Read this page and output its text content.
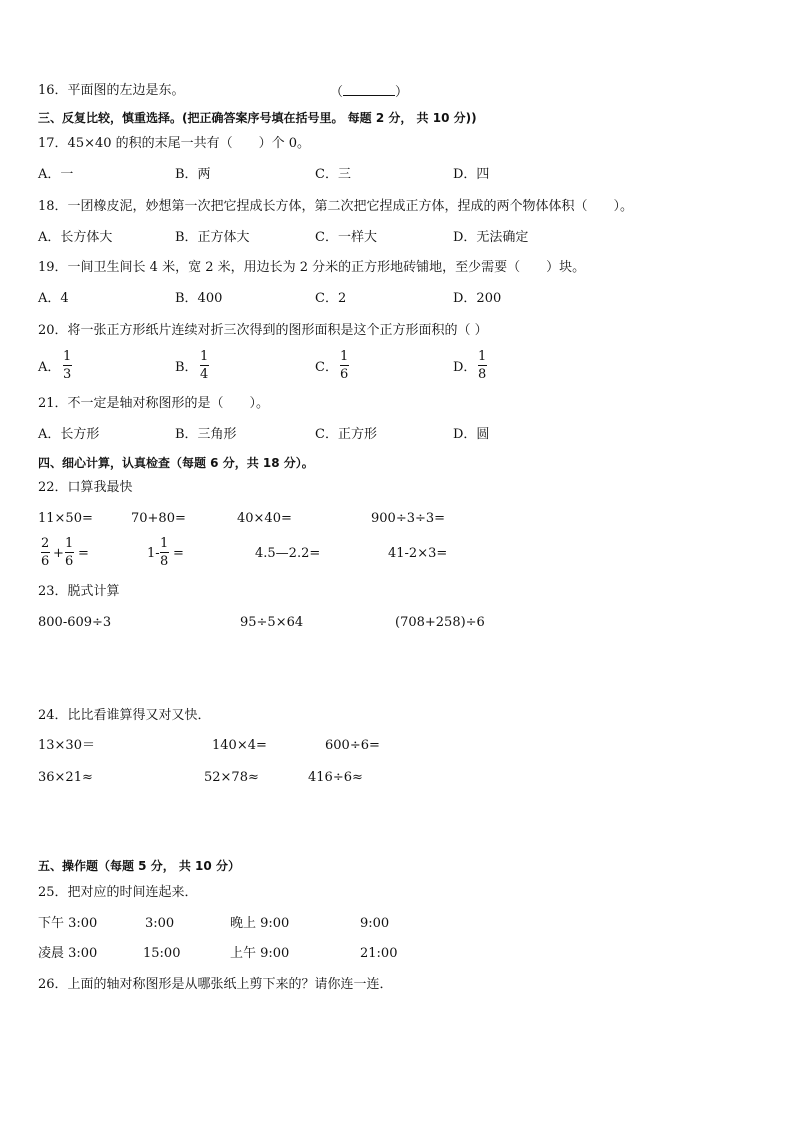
16．平面图的左边是东。	（	）
三、反复比较，慎重选择。(把正确答案序号填在括号里。 每题 2 分， 共 10 分))
17．45×40 的积的末尾一共有（　　）个 0。
A．一	B．两	C．三	D．四
18．一团橡皮泥，妙想第一次把它捏成长方体，第二次把它捏成正方体，捏成的两个物体体积（　　）。
A．长方体大	B．正方体大	C．一样大	D．无法确定
19．一间卫生间长 4 米，宽 2 米，用边长为 2 分米的正方形地砖铺地，至少需要（　　）块。
A．4	B．400	C．2	D．200
20．将一张正方形纸片连续对折三次得到的图形面积是这个正方形面积的（ ）
A．
1
3	B．
1
4	C．
1
6	D．
1
8
21．不一定是轴对称图形的是（　　）。
A．长方形	B．三角形	C．正方形	D．圆
四、细心计算，认真检查（每题 6 分，共 18 分）。
22．口算我最快
11×50=	70+80=	40×40=	900÷3÷3=
2
6
+
1
6
=	1-
1
8
=	4.5—2.2=	41-2×3=
23．脱式计算
800-609÷3	95÷5×64	(708+258)÷6
24．比比看谁算得又对又快．
13×30＝	140×4=	600÷6=
36×21≈	52×78≈	416÷6≈
五、操作题（每题 5 分， 共 10 分）
25．把对应的时间连起来．
下午 3:00	3:00	晚上 9:00	9:00
凌晨 3:00	15:00	上午 9:00	21:00
26．上面的轴对称图形是从哪张纸上剪下来的？请你连一连．
